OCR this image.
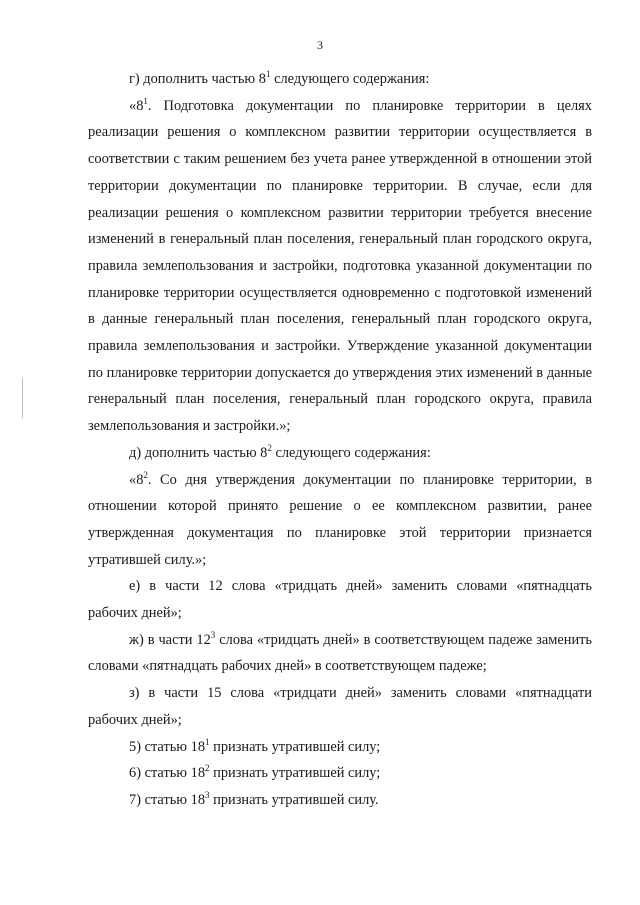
3

г) дополнить частью $8^1$ следующего содержания:

«$8^1$. Подготовка документации по планировке территории в целях реализации решения о комплексном развитии территории осуществляется в соответствии с таким решением без учета ранее утвержденной в отношении этой территории документации по планировке территории. В случае, если для реализации решения о комплексном развитии территории требуется внесение изменений в генеральный план поселения, генеральный план городского округа, правила землепользования и застройки, подготовка указанной документации по планировке территории осуществляется одновременно с подготовкой изменений в данные генеральный план поселения, генеральный план городского округа, правила землепользования и застройки. Утверждение указанной документации по планировке территории допускается до утверждения этих изменений в данные генеральный план поселения, генеральный план городского округа, правила землепользования и застройки.»;

д) дополнить частью $8^2$ следующего содержания:

«$8^2$. Со дня утверждения документации по планировке территории, в отношении которой принято решение о ее комплексном развитии, ранее утвержденная документация по планировке этой территории признается утратившей силу.»;

е) в части 12 слова «тридцать дней» заменить словами «пятнадцать рабочих дней»;

ж) в части $12^3$ слова «тридцать дней» в соответствующем падеже заменить словами «пятнадцать рабочих дней» в соответствующем падеже;

з) в части 15 слова «тридцати дней» заменить словами «пятнадцати рабочих дней»;

5) статью $18^1$ признать утратившей силу;

6) статью $18^2$ признать утратившей силу;

7) статью $18^3$ признать утратившей силу.
